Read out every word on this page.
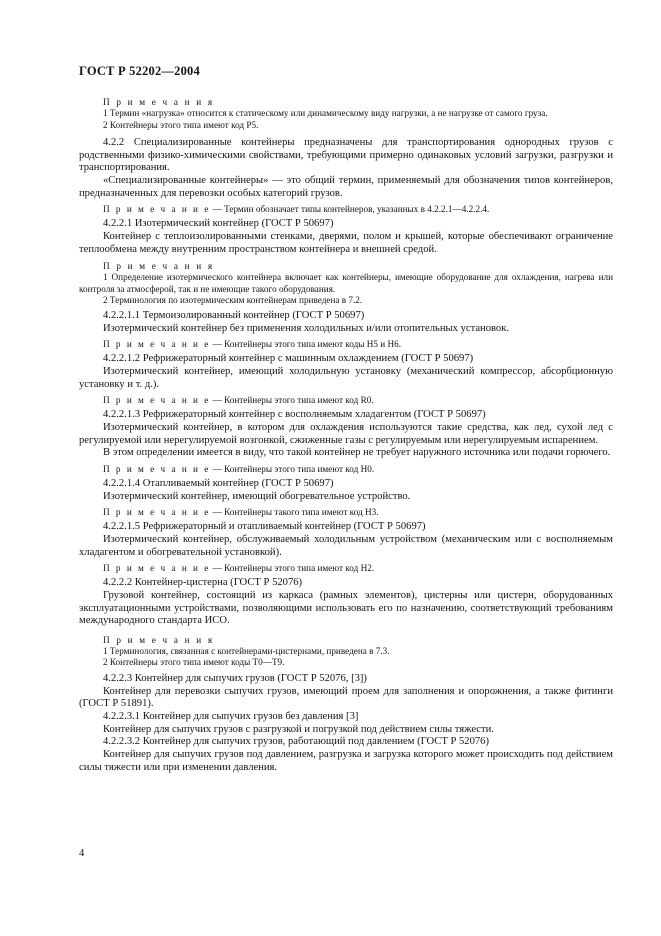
ГОСТ Р 52202—2004
П р и м е ч а н и я
1 Термин «нагрузка» относится к статическому или динамическому виду нагрузки, а не нагрузке от самого груза.
2 Контейнеры этого типа имеют код P5.
4.2.2 Специализированные контейнеры предназначены для транспортирования однородных грузов с родственными физико-химическими свойствами, требующими примерно одинаковых условий загрузки, разгрузки и транспортирования.
«Специализированные контейнеры» — это общий термин, применяемый для обозначения типов контейнеров, предназначенных для перевозки особых категорий грузов.
П р и м е ч а н и е — Термин обозначает типы контейнеров, указанных в 4.2.2.1—4.2.2.4.
4.2.2.1 Изотермический контейнер (ГОСТ Р 50697)
Контейнер с теплоизолированными стенками, дверями, полом и крышей, которые обеспечивают ограничение теплообмена между внутренним пространством контейнера и внешней средой.
П р и м е ч а н и я
1 Определение изотермического контейнера включает как контейнеры, имеющие оборудование для охлаждения, нагрева или контроля за атмосферой, так и не имеющие такого оборудования.
2 Терминология по изотермическим контейнерам приведена в 7.2.
4.2.2.1.1 Термоизолированный контейнер (ГОСТ Р 50697)
Изотермический контейнер без применения холодильных и/или отопительных установок.
П р и м е ч а н и е — Контейнеры этого типа имеют коды H5 и H6.
4.2.2.1.2 Рефрижераторный контейнер с машинным охлаждением (ГОСТ Р 50697)
Изотермический контейнер, имеющий холодильную установку (механический компрессор, абсорбционную установку и т. д.).
П р и м е ч а н и е — Контейнеры этого типа имеют код R0.
4.2.2.1.3 Рефрижераторный контейнер с восполняемым хладагентом (ГОСТ Р 50697)
Изотермический контейнер, в котором для охлаждения используются такие средства, как лед, сухой лед с регулируемой или нерегулируемой возгонкой, сжиженные газы с регулируемым или нерегулируемым испарением.
В этом определении имеется в виду, что такой контейнер не требует наружного источника или подачи горючего.
П р и м е ч а н и е — Контейнеры этого типа имеют код H0.
4.2.2.1.4 Отапливаемый контейнер (ГОСТ Р 50697)
Изотермический контейнер, имеющий обогревательное устройство.
П р и м е ч а н и е — Контейнеры такого типа имеют код H3.
4.2.2.1.5 Рефрижераторный и отапливаемый контейнер (ГОСТ Р 50697)
Изотермический контейнер, обслуживаемый холодильным устройством (механическим или с восполняемым хладагентом и обогревательной установкой).
П р и м е ч а н и е — Контейнеры этого типа имеют код H2.
4.2.2.2 Контейнер-цистерна (ГОСТ Р 52076)
Грузовой контейнер, состоящий из каркаса (рамных элементов), цистерны или цистерн, оборудованных эксплуатационными устройствами, позволяющими использовать его по назначению, соответствующий требованиям международного стандарта ИСО.
П р и м е ч а н и я
1 Терминология, связанная с контейнерами-цистернами, приведена в 7.3.
2 Контейнеры этого типа имеют коды T0—T9.
4.2.2.3 Контейнер для сыпучих грузов (ГОСТ Р 52076, [3])
Контейнер для перевозки сыпучих грузов, имеющий проем для заполнения и опорожнения, а также фитинги (ГОСТ Р 51891).
4.2.2.3.1 Контейнер для сыпучих грузов без давления [3]
Контейнер для сыпучих грузов с разгрузкой и погрузкой под действием силы тяжести.
4.2.2.3.2 Контейнер для сыпучих грузов, работающий под давлением (ГОСТ Р 52076)
Контейнер для сыпучих грузов под давлением, разгрузка и загрузка которого может происходить под действием силы тяжести или при изменении давления.
4
